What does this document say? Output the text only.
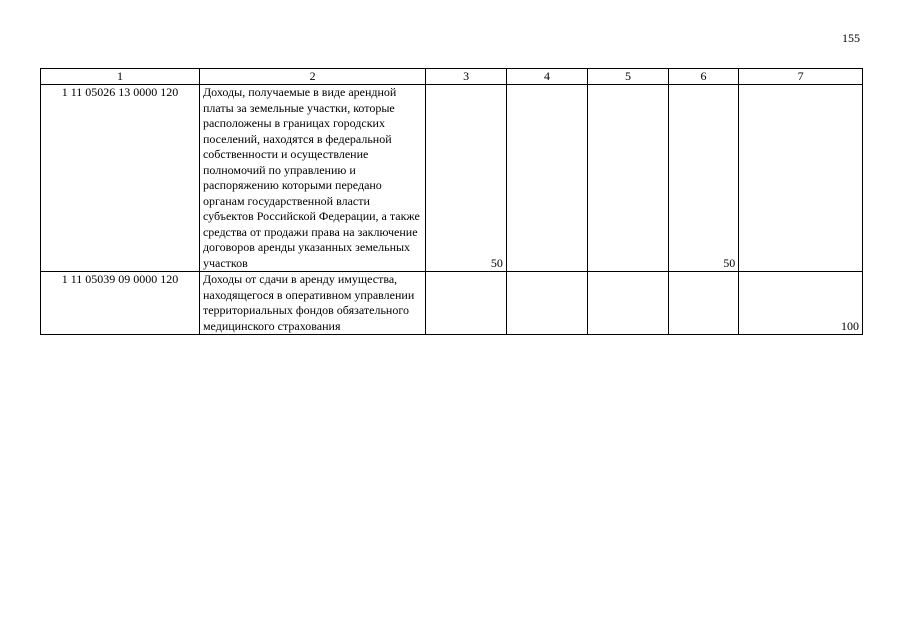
155
1	2	3	4	5	6	7
1 11 05026 13 0000 120	Доходы, получаемые в виде арендной платы за земельные участки, которые расположены в границах городских поселений, находятся в федеральной собственности и осуществление полномочий по управлению и распоряжению которыми передано органам государственной власти субъектов Российской Федерации, а также средства от продажи права на заключение договоров аренды указанных земельных участков	50			50	
1 11 05039 09 0000 120	Доходы от сдачи в аренду имущества, находящегося в оперативном управлении территориальных фондов обязательного медицинского страхования					100
